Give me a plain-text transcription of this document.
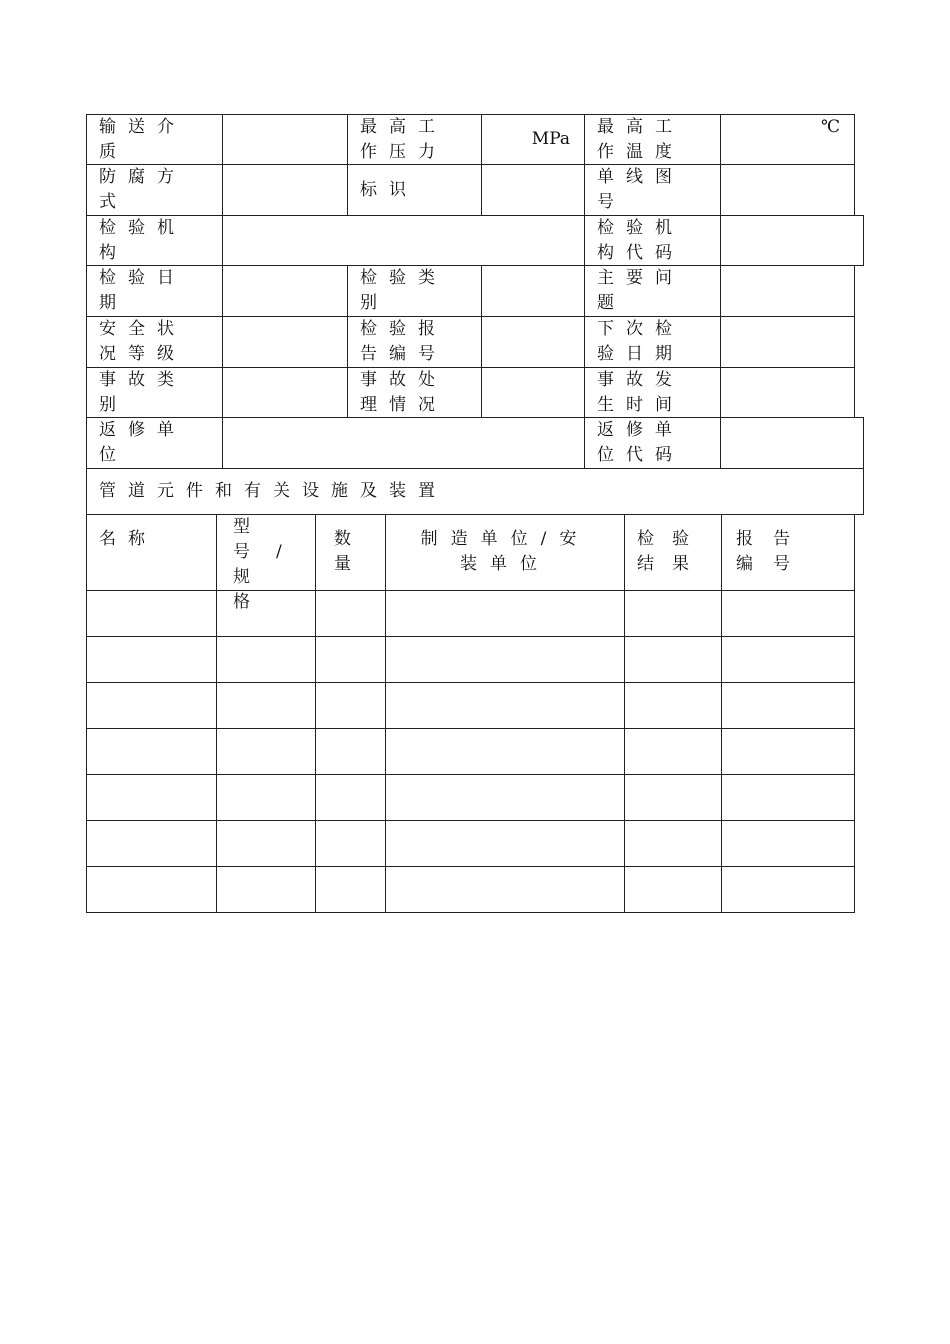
输送介质
最高工作压力
MPa
最高工作温度
℃
防腐方式
标识
单线图号
检验机构
检验机构代码
检验日期
检验类别
主要问题
安全状况等级
检验报告编号
下次检验日期
事故类别
事故处理情况
事故发生时间
返修单位
返修单位代码
管道元件和有关设施及装置
名称
型号/规格
数量
制造单位/安装单位
检验结果
报告编号
